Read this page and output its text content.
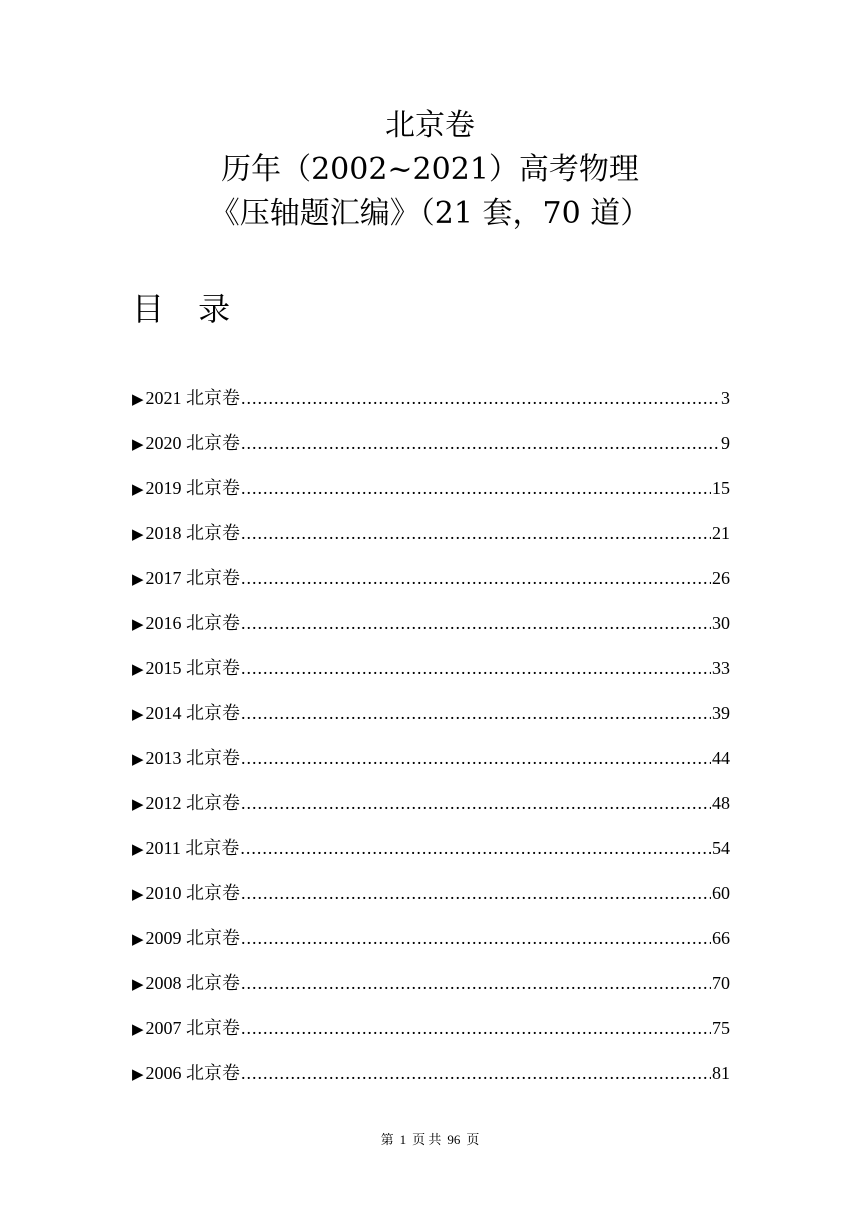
北京卷
历年（2002~2021）高考物理
《压轴题汇编》（21 套，70 道）
目 录
▶ 2021 北京卷 .....	3
▶ 2020 北京卷 .....	9
▶ 2019 北京卷 .....	15
▶ 2018 北京卷 .....	21
▶ 2017 北京卷 .....	26
▶ 2016 北京卷 .....	30
▶ 2015 北京卷 .....	33
▶ 2014 北京卷 .....	39
▶ 2013 北京卷 .....	44
▶ 2012 北京卷 .....	48
▶ 2011 北京卷 .....	54
▶ 2010 北京卷 .....	60
▶ 2009 北京卷 .....	66
▶ 2008 北京卷 .....	70
▶ 2007 北京卷 .....	75
▶ 2006 北京卷 .....	81
第 1 页 共 96 页
